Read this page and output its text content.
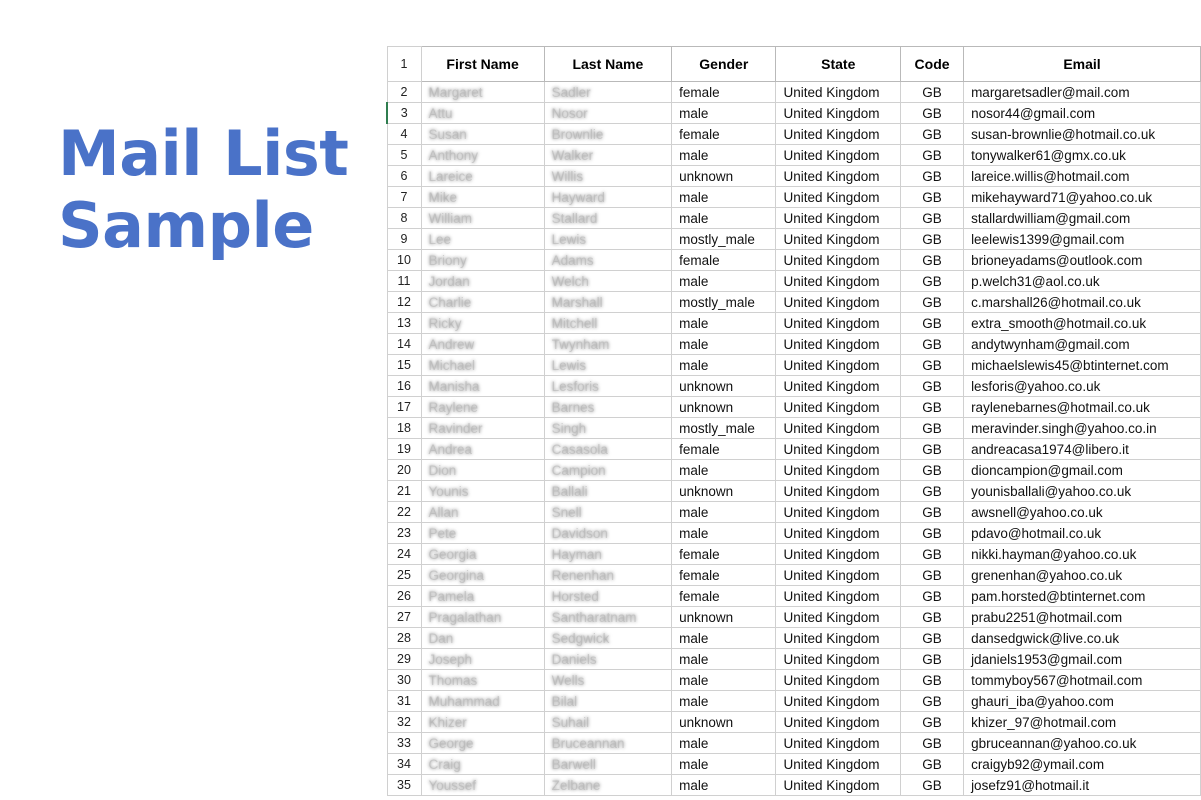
Mail List
Sample
1	First Name	Last Name	Gender	State	Code	Email
2	Margaret	Sadler	female	United Kingdom	GB	margaretsadler@mail.com
3	Attu	Nosor	male	United Kingdom	GB	nosor44@gmail.com
4	Susan	Brownlie	female	United Kingdom	GB	susan-brownlie@hotmail.co.uk
5	Anthony	Walker	male	United Kingdom	GB	tonywalker61@gmx.co.uk
6	Lareice	Willis	unknown	United Kingdom	GB	lareice.willis@hotmail.com
7	Mike	Hayward	male	United Kingdom	GB	mikehayward71@yahoo.co.uk
8	William	Stallard	male	United Kingdom	GB	stallardwilliam@gmail.com
9	Lee	Lewis	mostly_male	United Kingdom	GB	leelewis1399@gmail.com
10	Briony	Adams	female	United Kingdom	GB	brioneyadams@outlook.com
11	Jordan	Welch	male	United Kingdom	GB	p.welch31@aol.co.uk
12	Charlie	Marshall	mostly_male	United Kingdom	GB	c.marshall26@hotmail.co.uk
13	Ricky	Mitchell	male	United Kingdom	GB	extra_smooth@hotmail.co.uk
14	Andrew	Twynham	male	United Kingdom	GB	andytwynham@gmail.com
15	Michael	Lewis	male	United Kingdom	GB	michaelslewis45@btinternet.com
16	Manisha	Lesforis	unknown	United Kingdom	GB	lesforis@yahoo.co.uk
17	Raylene	Barnes	unknown	United Kingdom	GB	raylenebarnes@hotmail.co.uk
18	Ravinder	Singh	mostly_male	United Kingdom	GB	meravinder.singh@yahoo.co.in
19	Andrea	Casasola	female	United Kingdom	GB	andreacasa1974@libero.it
20	Dion	Campion	male	United Kingdom	GB	dioncampion@gmail.com
21	Younis	Ballali	unknown	United Kingdom	GB	younisballali@yahoo.co.uk
22	Allan	Snell	male	United Kingdom	GB	awsnell@yahoo.co.uk
23	Pete	Davidson	male	United Kingdom	GB	pdavo@hotmail.co.uk
24	Georgia	Hayman	female	United Kingdom	GB	nikki.hayman@yahoo.co.uk
25	Georgina	Renenhan	female	United Kingdom	GB	grenenhan@yahoo.co.uk
26	Pamela	Horsted	female	United Kingdom	GB	pam.horsted@btinternet.com
27	Pragalathan	Santharatnam	unknown	United Kingdom	GB	prabu2251@hotmail.com
28	Dan	Sedgwick	male	United Kingdom	GB	dansedgwick@live.co.uk
29	Joseph	Daniels	male	United Kingdom	GB	jdaniels1953@gmail.com
30	Thomas	Wells	male	United Kingdom	GB	tommyboy567@hotmail.com
31	Muhammad	Bilal	male	United Kingdom	GB	ghauri_iba@yahoo.com
32	Khizer	Suhail	unknown	United Kingdom	GB	khizer_97@hotmail.com
33	George	Bruceannan	male	United Kingdom	GB	gbruceannan@yahoo.co.uk
34	Craig	Barwell	male	United Kingdom	GB	craigyb92@ymail.com
35	Youssef	Zelbane	male	United Kingdom	GB	josefz91@hotmail.it
